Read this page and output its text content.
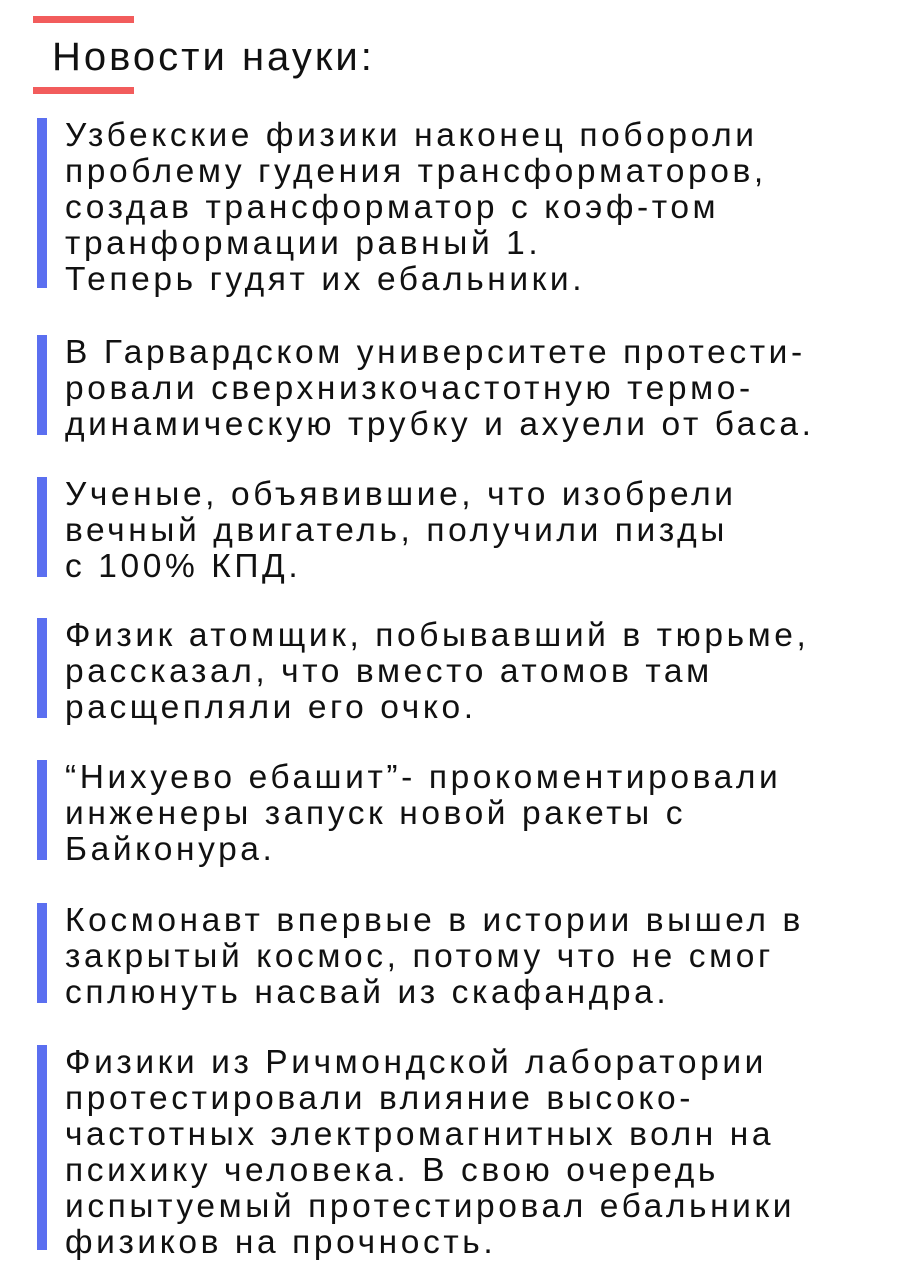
Новости науки:

Узбекские физики наконец побороли
проблему гудения трансформаторов,
создав трансформатор с коэф-том
транформации равный 1.
Теперь гудят их ебальники.

В Гарвардском университете протести-
ровали сверхнизкочастотную термо-
динамическую трубку и ахуели от баса.

Ученые, объявившие, что изобрели
вечный двигатель, получили пизды
с 100% КПД.

Физик атомщик, побывавший в тюрьме,
рассказал, что вместо атомов там
расщепляли его очко.

“Нихуево ебашит”- прокоментировали
инженеры запуск новой ракеты с
Байконура.

Космонавт впервые в истории вышел в
закрытый космос, потому что не смог
сплюнуть насвай из скафандра.

Физики из Ричмондской лаборатории
протестировали влияние высоко-
частотных электромагнитных волн на
психику человека. В свою очередь
испытуемый протестировал ебальники
физиков на прочность.
